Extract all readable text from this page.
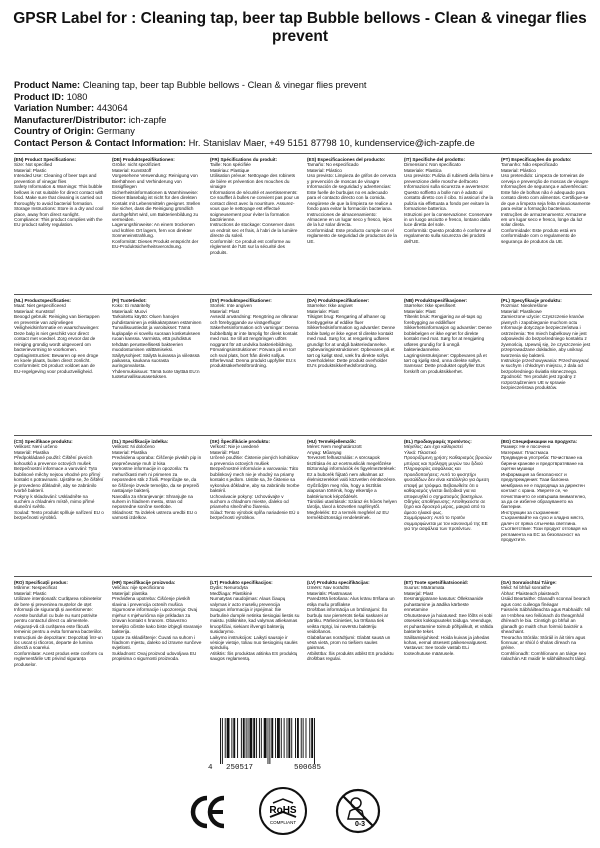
GPSR Label for : Cleaning tap, beer tap Bubble bellows - Clean & vinegar flies prevent
Product Name: Cleaning tap, beer tap Bubble bellows - Clean & vinegar flies prevent
Product ID: 1080
Variation Number: 443064
Manufacturer/Distributor: ich-zapfe
Country of Origin: Germany
Contact Person & Contact Information: Hr. Stanislav Maer, +49 5151 87798 10, kundenservice@ich-zapfe.de
(EN) Product Specifications:

Size: Not specified
Material: Plastic
Intended Use: Cleaning of beer taps and prevention of vinegar flies
Safety Information & Warnings: This bubble bellows is not suitable for direct contact with food. Make sure that cleaning is carried out thoroughly to avoid bacterial formation.
Storage Instructions: Store in a dry and cool place, away from direct sunlight.
Compliance: This product complies with the EU product safety regulation.

(DE) Produktspezifikationen:

Größe: nicht spezifiziert
Material: Kunststoff
Vorgesehene Verwendung: Reinigung von Bierhähnen und Verhinderung von Essigfliegen
Sicherheitsinformationen & Warnhinweise: Dieser Blasebalg ist nicht für den direkten Kontakt mit Lebensmitteln geeignet. Stellen Sie sicher, dass die Reinigung gründlich durchgeführt wird, um Bakterienbildung zu vermeiden.
Lagerungshinweise: An einem trockenen und kühlen Ort lagern, fern von direkter Sonneneinstrahlung.
Konformität: Dieses Produkt entspricht der EU-Produktsicherheitsverordnung.

(FR) Spécifications du produit:

Taille: Non spécifiée
Matériau: Plastique
Utilisation prévue: Nettoyage des robinets de bière et prévention des mouches du vinaigre
Informations de sécurité et avertissements: Ce soufflet à bulles ne convient pas pour un contact direct avec la nourriture. Assurez-vous que le nettoyage est effectué soigneusement pour éviter la formation bactérienne.
Instructions de stockage: Conserver dans un endroit sec et frais, à l'abri de la lumière directe du soleil.
Conformité: Ce produit est conforme au règlement de l'UE sur la sécurité des produits.

(ES) Especificaciones del producto:

Tamaño: No especificado
Material: Plástico
Uso previsto: Limpieza de grifos de cerveza y prevención de moscas de vinagre
Información de seguridad y advertencias: Este fuelle de burbujas no es adecuado para el contacto directo con la comida. Asegúrese de que la limpieza se realice a fondo para evitar la formación bacteriana.
Instrucciones de almacenamiento: Almacene en un lugar seco y fresco, lejos de la luz solar directa.
Conformidad: Este producto cumple con el reglamento de seguridad de productos de la UE.

(IT) Specifiche del prodotto:

Dimensioni: Non specificato
Materiale: Plastica
Uso previsto: Pulizia di rubinetti della birra e prevenzione delle mosche dell'aceto
Informazioni sulla sicurezza e avvertenze: Questo soffietto a bolle non è adatto al contatto diretto con il cibo. Si assicuri che la pulizia sia effettuata a fondo per evitare la formazione batterica.
Istruzioni per la conservazione: Conservare in un luogo asciutto e fresco, lontano dalla luce diretta del sole.
Conformità: Questo prodotto è conforme al regolamento sulla sicurezza dei prodotti dell'UE.

(PT) Especificações do produto:

Tamanho: Não especificado
Material: Plástico
Uso pretendido: Limpeza de torneiras de cerveja e prevenção de moscas de vinagre
Informações de segurança e advertências: Este fole de bolhas não é adequado para contato direto com alimentos. Certifique-se de que a limpeza seja feita minuciosamente para evitar a formação bacteriana.
Instruções de armazenamento: Armazene em um lugar seco e fresco, longe da luz solar direta.
Conformidade: Este produto está em conformidade com o regulamento de segurança de produtos da UE.

(NL) Productspecificaties:

Maat: Niet gespecificeerd
Materiaal: Kunststof
Beoogd gebruik: Reiniging van biertappen en preventie van azijnvliegen
Veiligheidsinformatie en waarschuwingen: Deze balg is niet geschikt voor direct contact met voedsel. Zorg ervoor dat de reiniging grondig wordt uitgevoerd om bacterievorming te voorkomen.
Opslaginstructies: Bewaren op een droge en koele plaats, buiten direct zonlicht.
Conformiteit: Dit product voldoet aan de EU-regelgeving voor productveiligheid.

(FI) Tuotetiedot:

Koko: Ei määritelty
Materiaali: Muovi
Tarkoitettu käyttö: Oluen hanojen puhdistaminen ja etikkakärpäsen estäminen
Turvallisuustiedot ja varoitukset: Tämä kuplapalje ei sovellu suoraan kosketukseen ruoan kanssa. Varmista, että puhdistus tehdään perusteellisesti bakteerien muodostumisen välttämiseksi.
Säilytysohjeet: Säilytä kuivassa ja viileässä paikassa, kaukana suorasta auringonvalosta.
Yhdenmukaisuus: Tämä tuote täyttää EU:n tuoteturvallisuusasetuksen.

(SV) Produktspecifikationer:

Storlek: Inte angiven
Material: Plast
Avsedd användning: Rengöring av ölkranar och förebyggande av vinägerflugor
Säkerhetsinformation och varningar: Denna bubbelbälg är inte lämplig för direkt kontakt med mat. Se till att rengöringen utförs noggrant för att undvika bakteriebildning.
Förvaringsinstruktioner: Förvara på en torr och sval plats, bort från direkt solljus.
Efterlevnad: Denna produkt uppfyller EU:s produktsäkerhetsförordning.

(DA) Produktspecifikationer:

Størrelse: Ikke angivet
Materiale: Plast
Tilsigtet brug: Rengøring af ølhaner og forebyggelse af eddike fluer
Sikkerhedsinformation og advarsler: Denne boble bælg er ikke egnet til direkte kontakt med mad. Sørg for, at rengøring udføres grundigt for at undgå bakteriedannelse.
Opbevaringsinstruktioner: Opbevares på et tørt og køligt sted, væk fra direkte sollys.
Overholdelse: Dette produkt overholder EU's produktsikkerhedsforordning.

(NB) Produktspesifikasjoner:

Størrelse: Ikke spesifisert
Materiale: Plast
Tiltenkt bruk: Rengjøring av øl-taps og forebygging av eddikfluer
Sikkerhetsinformasjon og advarsler: Denne boblebelgen er ikke egnet for direkte kontakt med mat. Sørg for at rengjøring utføres grundig for å unngå bakteriedannelse.
Lagringsinstruksjoner: Oppbevares på et tørt og kjølig sted, unna direkte sollys.
Samsvar: Dette produktet oppfyller EUs forskrift om produktsikkerhet.

(PL) Specyfikacje produktu:

Rozmiar: Nieokreślone
Materiał: Plastikowe
Zamierzone użycie: Czyszczenie kranów piwnych i zapobieganie muchom octu
Informacje dotyczące bezpieczeństwa i ostrzeżenia: Ten miech bąbelkowy nie jest odpowiedni do bezpośredniego kontaktu z żywnością. Upewnij się, że czyszczenie jest przeprowadzane dokładnie, aby uniknąć tworzenia się bakterii.
Instrukcje przechowywania: Przechowywać w suchym i chłodnym miejscu, z dala od bezpośredniego światła słonecznego.
Zgodność: Ten produkt jest zgodny z rozporządzeniem UE w sprawie bezpieczeństwa produktów.

(CS) Specifikace produktu:

Velikost: Není určeno
Materiál: Plastika
Předpokládané použití: Čištění pivních kohoutků a prevence octových mušek
Bezpečnostní informace a varování: Tyto bublinové měchy nejsou vhodné pro přímý kontakt s potravinami. Ujistěte se, že čištění je provedeno důkladně, aby se zabránilo tvorbě bakterií.
Pokyny k skladování: Uskladněte na suchém a chladném místě, mimo přímé sluneční světlo.
Soulad: Tento produkt splňuje nařízení EU o bezpečnosti výrobků.

(SL) Specifikacije izdelka:

Velikost: Ni določeno
Material: Plastika
Predvidena uporaba: Čiščenje pivskih pip in preprečevanje muh iz kisa
Varnostne informacije in opozorila: Ta mehurčkasti meh ni primeren za neposreden stik z živili. Prepričajte se, da se čiščenje izvede temeljito, da se prepreči nastajanje bakterij.
Navodila za shranjevanje: Shranjujte na suhem in hladnem mestu, stran od neposredne sončne svetlobe.
Skladnost: Ta izdelek ustreza uredbi EU o varnosti izdelkov.

(SK) Špecifikácie produktu:

Veľkosť: Nie je uvedené
Materiál: Plast
Určené použitie: Čistenie pivných kohútikov a prevencia octových mušiek
Bezpečnostné informácie a varovania: Táto bublinkový mech nie je vhodný na priamy kontakt s jedlom. Uistite sa, že čistenie sa vykonáva dôkladne, aby sa zabránilo tvorbe baktérií.
Uchovávacie pokyny: Uchovávajte v suchom a chladnom mieste, ďaleko od priameho slnečného žiarenia.
Súlad: Tento výrobok spĺňa nariadenie EÚ o bezpečnosti výrobkov.

(HU) Termékjellemzők:

Méret: Nem meghatározott
Anyag: Műanyag
Tervezett felhasználás: A sörcsapok tisztítása és az ecetmuslicák megelőzése
Biztonsági információk és figyelmeztetések: Ez a buborék fújtató nem alkalmas az élelmiszerekkel való közvetlen érintkezésre. Győződjön meg róla, hogy a tisztítás alaposan történik, hogy elkerülje a baktériumok képződését.
Tárolási utasítások: Száraz és hűvös helyen tárolja, távol a közvetlen napfénytől.
Megfelelés: Ez a termék megfelel az EU termékbiztonsági rendeletének.

(EL) Προδιαγραφές προϊόντος:

Μέγεθος: Δεν έχει καθοριστεί
Υλικό: Πλαστικό
Προοριζόμενη χρήση: Καθαρισμός βρυσών μπύρας και πρόληψη μυγών του ξιδιού
Πληροφορίες ασφάλειας και προειδοποιήσεις: Αυτό το φυσητήρι φυσαλίδων δεν είναι κατάλληλο για άμεση επαφή με τρόφιμα. Βεβαιωθείτε ότι ο καθαρισμός γίνεται διεξοδικά για να αποφευχθεί ο σχηματισμός βακτηρίων.
Οδηγίες αποθήκευσης: Αποθηκεύστε σε ξηρό και δροσερό μέρος, μακριά από το άμεσο ηλιακό φως.
Συμμόρφωση: Αυτό το προϊόν συμμορφώνεται με τον κανονισμό της ΕΕ για την ασφάλεια των προϊόντων.

(BG) Спецификации на продукта:

Размер: Не е посочено
Материал: Пластмаса
Предвидена употреба: Почистване на бирени кранове и предотвратяване на оцетни мушици
Информация за безопасност и предупреждения: Тази балонна мембрана не е подходяща за директен контакт с храна. Уверете се, че почистването се извършва внимателно, за да се избегне образуването на бактерии.
Инструкции за съхранение: Съхранявайте на сухо и хладно място, далеч от пряка слънчева светлина.
Съответствие: Този продукт отговаря на регламента на ЕС за безопасност на продуктите.

(RO) Specificații produs:

Mărime: Nespecificat
Material: Plastic
Utilizare intenționată: Curățarea robinetelor de bere și prevenirea muștelor de oțet
Informații de siguranță și avertismente: Aceste burdufuri cu bule nu sunt potrivite pentru contactul direct cu alimentele. Asigurați-vă că curățarea este făcută temeinic pentru a evita formarea bacteriilor.
Instrucțiuni de depozitare: Depozitați într-un loc uscat și răcoros, departe de lumina directă a soarelui.
Conformitate: Acest produs este conform cu reglementările UE privind siguranța produselor.

(HR) Specifikacije proizvoda:

Veličina: nije specificirano
Materijal: plastika
Predviđena upotreba: Čišćenje pivskih slavina i prevencija octenih mušica
Sigurnosne informacije i upozorenja: Ovaj mjehur s mjehurićima nije prikladan za izravan kontakt s hranom. Obavezno temeljito očistite kako biste izbjegli stvaranje bakterija.
Upute za skladištenje: Čuvati na suhom i hladnom mjestu, daleko od izravne sunčeve svjetlosti.
Sukladnost: Ovaj proizvod udovoljava EU propisima o sigurnosti proizvoda.

(LT) Produkto specifikacijos:

Dydis: Nenurodyta
Medžiaga: Plastikinė
Numatytas naudojimas: Alaus čiaupų valymas ir acto muselių prevencija
Saugos informacija ir įspėjimai: Šie burbulinė dumplė netinka tiesiogiai liestis su maistu. Įsitikinkite, kad valymas atliekamas kruopščiai, siekiant išvengti bakterijų susidarymo.
Laikymo instrukcijos: Laikyti sausoje ir vėsioje vietoje, toliau nuo tiesioginių saulės spindulių.
Atitiktis: Šis produktas atitinka ES produktų saugos reglamentą.

(LV) Produktu specifikācijas:

Izmērs: Nav norādīts
Materiāls: Plastmasas
Paredzētā lietošana: Alus krānu tīrīšana un etiķa mušu profilakse
Drošības informācija un brīdinājumi: Šo burbuļu nav piemērots tiešai saskarei ar pārtiku. Pārliecinieties, ka tīrīšana tiek veikta rūpīgi, lai novērstu baktēriju veidošanos.
Glabāšanas norādījumi: Glabāt sausā un vēsā vietā, prom no tiešiem saules gaismas.
Atbilstība: Šis produkts atbilst ES produktu drošības regulai.

(ET) Toote spetsifikatsioonid:

Suurus: Määramata
Materjal: Plast
Eesmärgipärane kasutus: Õllekraanide puhastamine ja äädika kärbeste ennetamine
Ohutusteave ja hoiatused: See lõõts ei sobi otseseks kokkupuuteks toiduga. Veenduge, et puhastamine toimub põhjalikult, et vältida bakterite teket.
Säilitamisjuhised: Hoida kuivas ja jahedas kohas, eemal otsesest päikesevalgusest.
Vastavus: See toode vastab ELi tooteohutuse määrusele.

(GA) Sonraíochtaí Táirge:

Méid: Ní bhfuil sonraithe
Ábhar: Plaisteach plaisteach
Úsáid Beartaithe: Glanadh sconnaí beorach agus cosc cuileoga fínéagar
Faisnéis Sábháilteachta agus Rabhaidh: Níl an t-Inbhea seo feiliúnach do theagmháil dhíreach le bia. Cinntigh go bhfuil an glanadh go maith chun foirmiú baictéir a sheachaint.
Treoracha Stórála: Stóráil in áit tirim agus fionnuar, ar shiúl ó sholas díreach na gréine.
Comhlíonadh: Comhlíonann an táirge seo rialachán AE maidir le sábháilteacht táirgí.

4 250517	500685
RoHS
COMPLIANT	0-3
